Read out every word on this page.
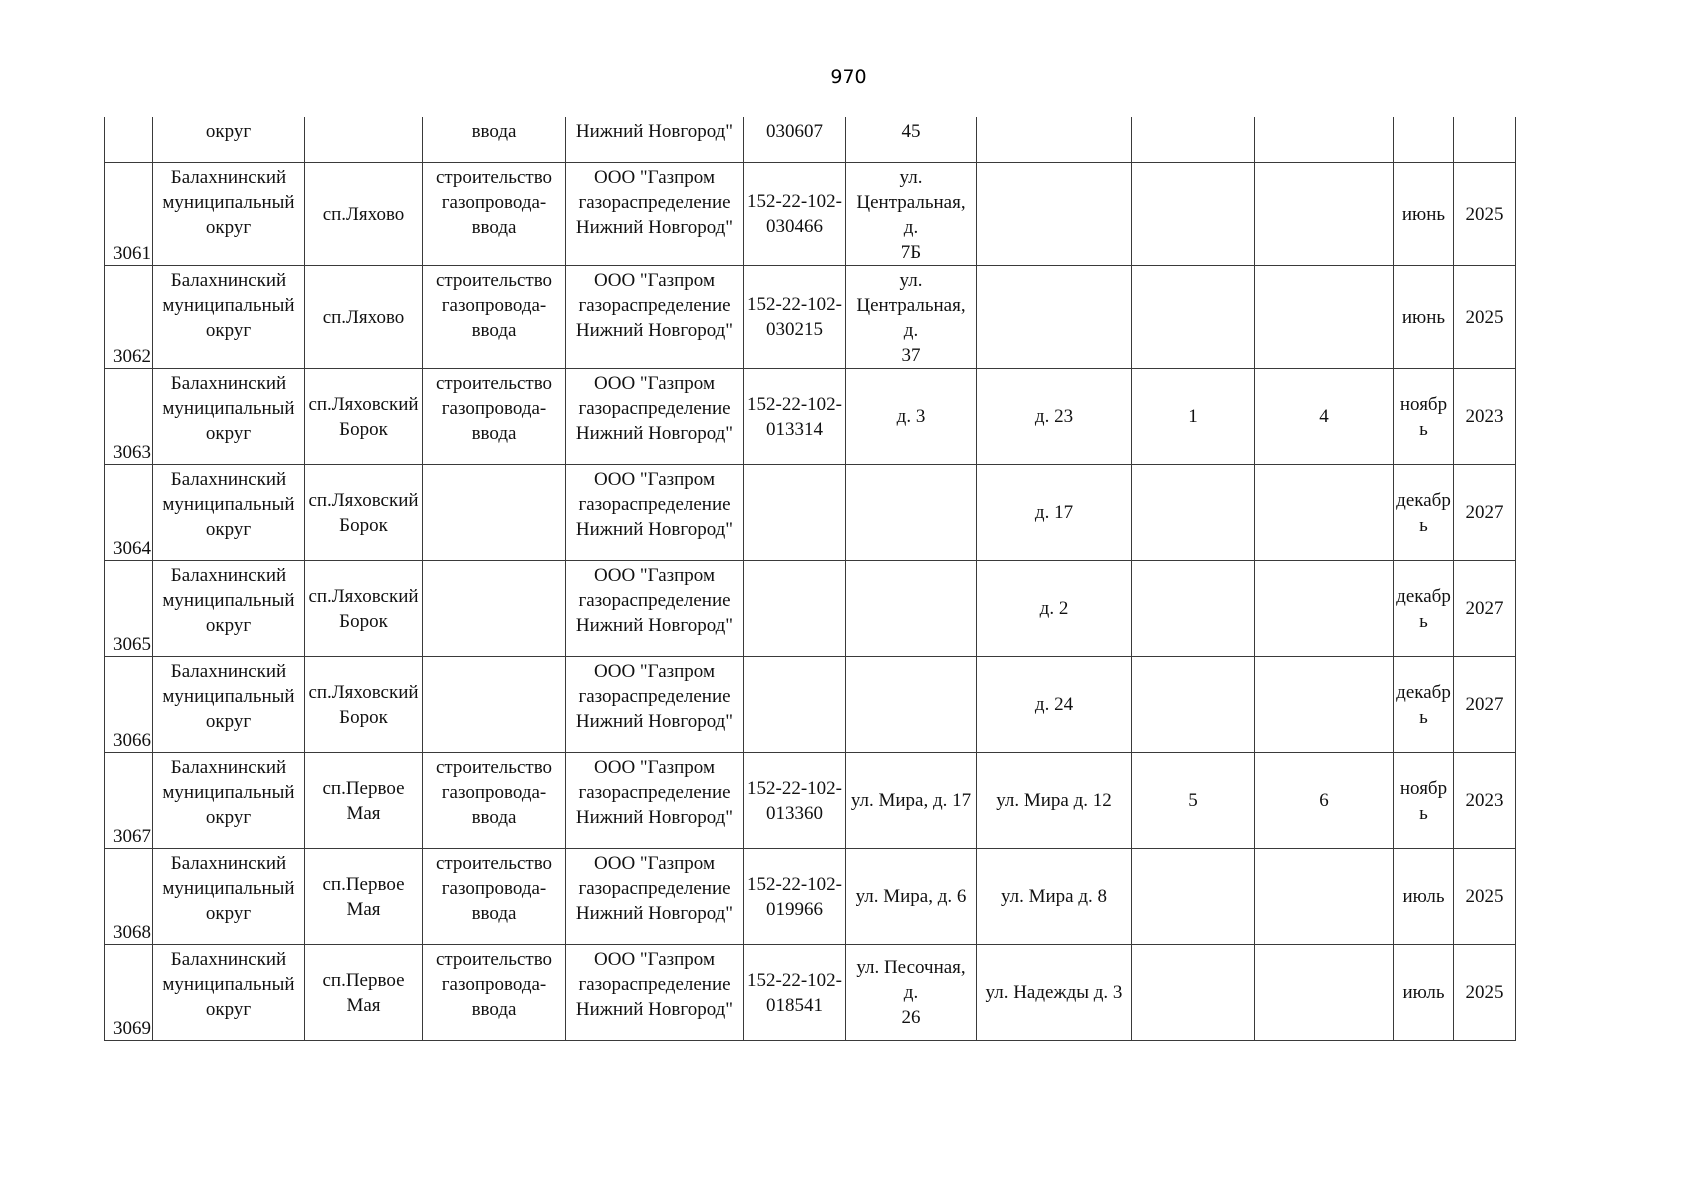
970
	округ		ввода	Нижний Новгород"	030607	45					
3061	Балахнинский
муниципальный
округ	сп.Ляхово	строительство
газопровода-
ввода	ООО "Газпром
газораспределение
Нижний Новгород"	152-22-102-
030466	ул.
Центральная, д.
7Б				июнь	2025
3062	Балахнинский
муниципальный
округ	сп.Ляхово	строительство
газопровода-
ввода	ООО "Газпром
газораспределение
Нижний Новгород"	152-22-102-
030215	ул.
Центральная, д.
37				июнь	2025
3063	Балахнинский
муниципальный
округ	сп.Ляховский
Борок	строительство
газопровода-
ввода	ООО "Газпром
газораспределение
Нижний Новгород"	152-22-102-
013314	д. 3	д. 23	1	4	ноябрь	2023
3064	Балахнинский
муниципальный
округ	сп.Ляховский
Борок		ООО "Газпром
газораспределение
Нижний Новгород"			д. 17			декабр
ь	2027
3065	Балахнинский
муниципальный
округ	сп.Ляховский
Борок		ООО "Газпром
газораспределение
Нижний Новгород"			д. 2			декабр
ь	2027
3066	Балахнинский
муниципальный
округ	сп.Ляховский
Борок		ООО "Газпром
газораспределение
Нижний Новгород"			д. 24			декабр
ь	2027
3067	Балахнинский
муниципальный
округ	сп.Первое
Мая	строительство
газопровода-
ввода	ООО "Газпром
газораспределение
Нижний Новгород"	152-22-102-
013360	ул. Мира, д. 17	ул. Мира д. 12	5	6	ноябрь	2023
3068	Балахнинский
муниципальный
округ	сп.Первое
Мая	строительство
газопровода-
ввода	ООО "Газпром
газораспределение
Нижний Новгород"	152-22-102-
019966	ул. Мира, д. 6	ул. Мира д. 8			июль	2025
3069	Балахнинский
муниципальный
округ	сп.Первое
Мая	строительство
газопровода-
ввода	ООО "Газпром
газораспределение
Нижний Новгород"	152-22-102-
018541	ул. Песочная, д.
26	ул. Надежды д. 3			июль	2025
